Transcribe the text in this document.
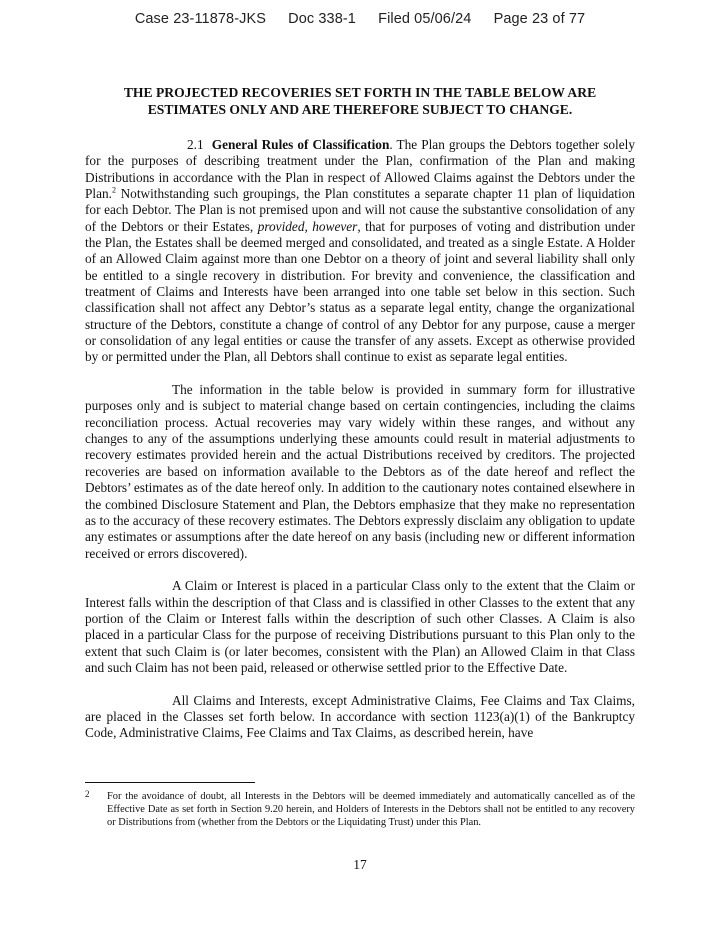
Case 23-11878-JKS Doc 338-1 Filed 05/06/24 Page 23 of 77
THE PROJECTED RECOVERIES SET FORTH IN THE TABLE BELOW ARE ESTIMATES ONLY AND ARE THEREFORE SUBJECT TO CHANGE.

2.1 General Rules of Classification. The Plan groups the Debtors together solely for the purposes of describing treatment under the Plan, confirmation of the Plan and making Distributions in accordance with the Plan in respect of Allowed Claims against the Debtors under the Plan.$^2$ Notwithstanding such groupings, the Plan constitutes a separate chapter 11 plan of liquidation for each Debtor. The Plan is not premised upon and will not cause the substantive consolidation of any of the Debtors or their Estates, provided, however, that for purposes of voting and distribution under the Plan, the Estates shall be deemed merged and consolidated, and treated as a single Estate. A Holder of an Allowed Claim against more than one Debtor on a theory of joint and several liability shall only be entitled to a single recovery in distribution. For brevity and convenience, the classification and treatment of Claims and Interests have been arranged into one table set below in this section. Such classification shall not affect any Debtor’s status as a separate legal entity, change the organizational structure of the Debtors, constitute a change of control of any Debtor for any purpose, cause a merger or consolidation of any legal entities or cause the transfer of any assets. Except as otherwise provided by or permitted under the Plan, all Debtors shall continue to exist as separate legal entities.

The information in the table below is provided in summary form for illustrative purposes only and is subject to material change based on certain contingencies, including the claims reconciliation process. Actual recoveries may vary widely within these ranges, and without any changes to any of the assumptions underlying these amounts could result in material adjustments to recovery estimates provided herein and the actual Distributions received by creditors. The projected recoveries are based on information available to the Debtors as of the date hereof and reflect the Debtors’ estimates as of the date hereof only. In addition to the cautionary notes contained elsewhere in the combined Disclosure Statement and Plan, the Debtors emphasize that they make no representation as to the accuracy of these recovery estimates. The Debtors expressly disclaim any obligation to update any estimates or assumptions after the date hereof on any basis (including new or different information received or errors discovered).

A Claim or Interest is placed in a particular Class only to the extent that the Claim or Interest falls within the description of that Class and is classified in other Classes to the extent that any portion of the Claim or Interest falls within the description of such other Classes. A Claim is also placed in a particular Class for the purpose of receiving Distributions pursuant to this Plan only to the extent that such Claim is (or later becomes, consistent with the Plan) an Allowed Claim in that Class and such Claim has not been paid, released or otherwise settled prior to the Effective Date.

All Claims and Interests, except Administrative Claims, Fee Claims and Tax Claims, are placed in the Classes set forth below. In accordance with section 1123(a)(1) of the Bankruptcy Code, Administrative Claims, Fee Claims and Tax Claims, as described herein, have

2 For the avoidance of doubt, all Interests in the Debtors will be deemed immediately and automatically cancelled as of the Effective Date as set forth in Section 9.20 herein, and Holders of Interests in the Debtors shall not be entitled to any recovery or Distributions from (whether from the Debtors or the Liquidating Trust) under this Plan.
17
